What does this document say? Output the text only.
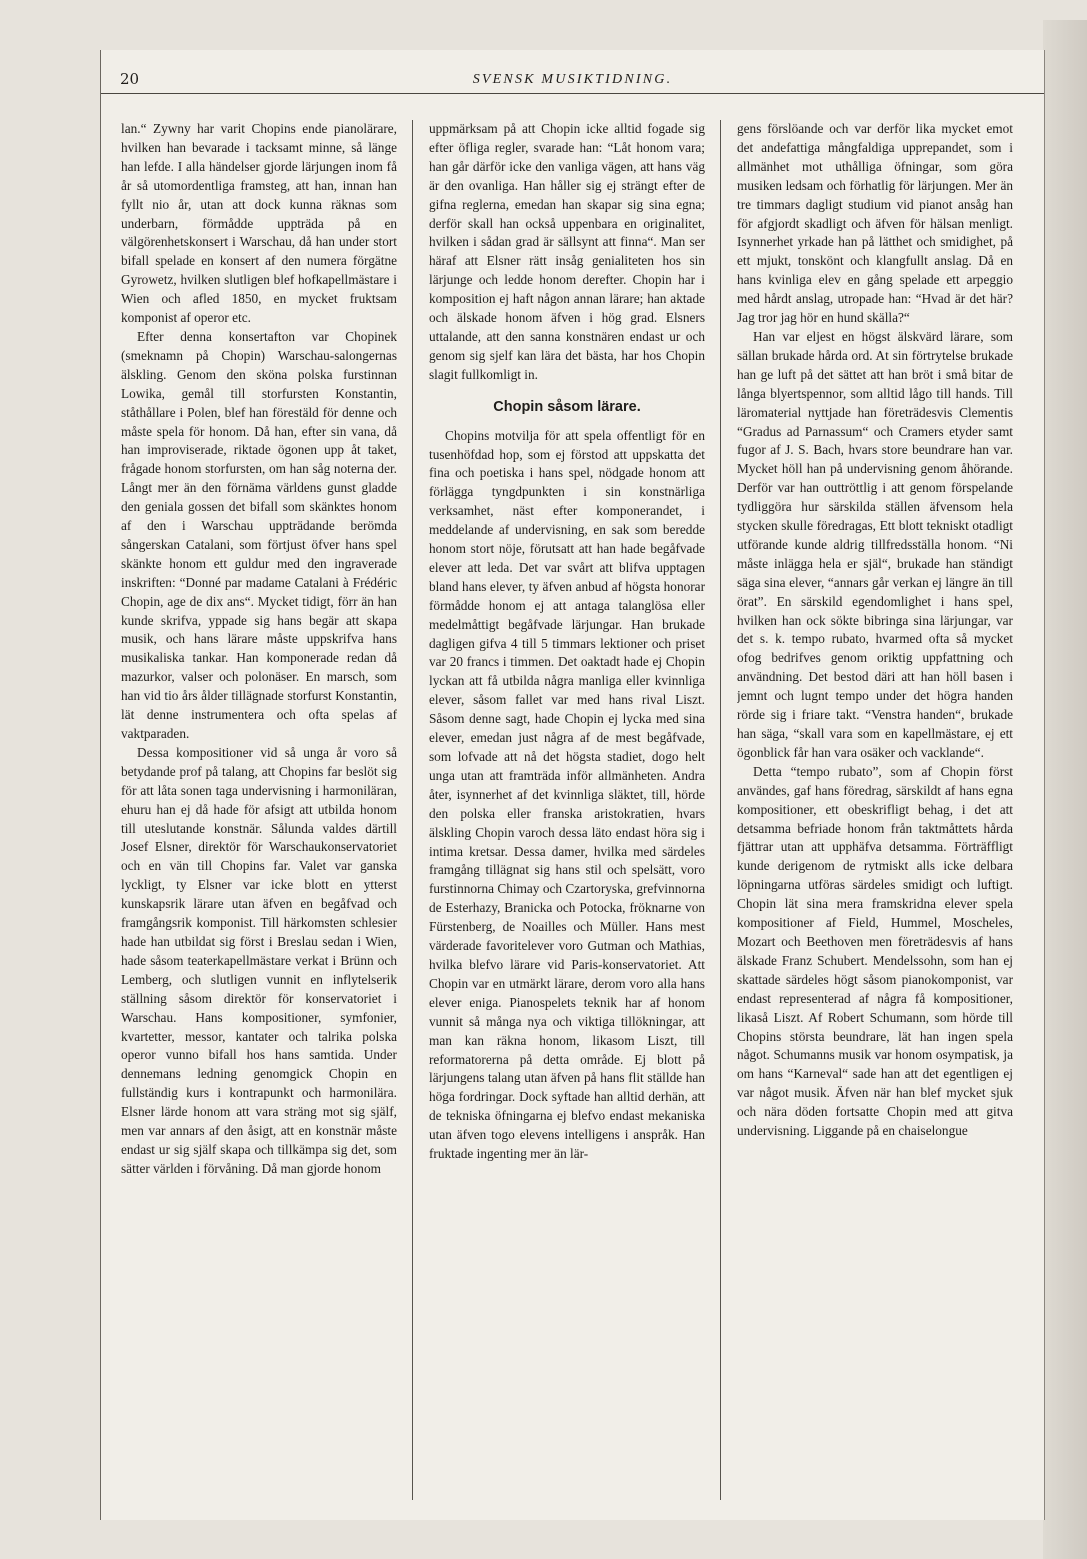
20	SVENSK MUSIKTIDNING.

lan.“ Zywny har varit Chopins ende pianolärare, hvilken han bevarade i tacksamt minne, så länge han lefde. I alla händelser gjorde lärjungen inom få år så utomordentliga framsteg, att han, innan han fyllt nio år, utan att dock kunna räknas som underbarn, förmådde uppträda på en välgörenhetskonsert i Warschau, då han under stort bifall spelade en konsert af den numera förgätne Gyrowetz, hvilken slutligen blef hofkapellmästare i Wien och afled 1850, en mycket fruktsam komponist af operor etc.

Efter denna konsertafton var Chopinek (smeknamn på Chopin) Warschau-salongernas älskling. Genom den sköna polska furstinnan Lowika, gemål till storfursten Konstantin, ståthållare i Polen, blef han förestäld för denne och måste spela för honom. Då han, efter sin vana, då han improviserade, riktade ögonen upp åt taket, frågade honom storfursten, om han såg noterna der. Långt mer än den förnäma världens gunst gladde den geniala gossen det bifall som skänktes honom af den i Warschau uppträdande berömda sångerskan Catalani, som förtjust öfver hans spel skänkte honom ett guldur med den ingraverade inskriften: “Donné par madame Catalani à Frédéric Chopin, age de dix ans“. Mycket tidigt, förr än han kunde skrifva, yppade sig hans begär att skapa musik, och hans lärare måste uppskrifva hans musikaliska tankar. Han komponerade redan då mazurkor, valser och polonäser. En marsch, som han vid tio års ålder tillägnade storfurst Konstantin, lät denne instrumentera och ofta spelas af vaktparaden.

Dessa kompositioner vid så unga år voro så betydande prof på talang, att Chopins far beslöt sig för att låta sonen taga undervisning i harmonilärаn, ehuru han ej då hade för afsigt att utbilda honom till uteslutande konstnär. Sålunda valdes därtill Josef Elsner, direktör för Warschaukonservatoriet och en vän till Chopins far. Valet var ganska lyckligt, ty Elsner var icke blott en ytterst kunskapsrik lärare utan äfven en begåfvad och framgångsrik komponist. Till härkomsten schlesier hade han utbildat sig först i Breslau sedan i Wien, hade såsom teaterkapellmästare verkat i Brünn och Lemberg, och slutligen vunnit en inflytelserik ställning såsom direktör för konservatoriet i Warschau. Hans kompositioner, symfonier, kvartetter, messor, kantater och talrika polska operor vunno bifall hos hans samtida. Under dennemans ledning genomgick Chopin en fullständig kurs i kontrapunkt och harmonilära. Elsner lärde honom att vara sträng mot sig själf, men var annars af den åsigt, att en konstnär måste endast ur sig själf skapa och tillkämpa sig det, som sätter världen i förvåning. Då man gjorde honom

uppmärksam på att Chopin icke alltid fogade sig efter öfliga regler, svarade han: “Låt honom vara; han går därför icke den vanliga vägen, att hans väg är den ovanliga. Han håller sig ej strängt efter de gifna reglerna, emedan han skapar sig sina egna; derför skall han också uppenbara en originalitet, hvilken i sådan grad är sällsynt att finna“. Man ser häraf att Elsner rätt insåg genialiteten hos sin lärjunge och ledde honom derefter. Chopin har i komposition ej haft någon annan lärare; han aktade och älskade honom äfven i hög grad. Elsners uttalande, att den sanna konstnären endast ur och genom sig sjelf kan lära det bästa, har hos Chopin slagit fullkomligt in.

Chopin såsom lärare.

Chopins motvilja för att spela offentligt för en tusenhöfdad hop, som ej förstod att uppskatta det fina och poetiska i hans spel, nödgade honom att förlägga tyngdpunkten i sin konstnärliga verksamhet, näst efter komponerandet, i meddelande af undervisning, en sak som beredde honom stort nöje, förutsatt att han hade begåfvade elever att leda. Det var svårt att blifva upptagen bland hans elever, ty äfven anbud af högsta honorar förmådde honom ej att antaga talanglösa eller medelmåttigt begåfvade lärjungar. Han brukade dagligen gifva 4 till 5 timmars lektioner och priset var 20 francs i timmen. Det oaktadt hade ej Chopin lyckan att få utbilda några manliga eller kvinnliga elever, såsom fallet var med hans rival Liszt. Såsom denne sagt, hade Chopin ej lycka med sina elever, emedan just några af de mest begåfvade, som lofvade att nå det högsta stadiet, dogo helt unga utan att framträda inför allmänheten. Andra åter, isynnerhet af det kvinnliga släktet, till, hörde den polska eller franska aristokratien, hvars älskling Chopin varoch dessa läto endast höra sig i intima kretsar. Dessa damer, hvilka med särdeles framgång tillägnat sig hans stil och spelsätt, voro furstinnorna Chimay och Czartoryska, grefvinnorna de Esterhazy, Branicka och Potocka, fröknarne von Fürstenberg, de Noailles och Müller. Hans mest värderade favoritelever voro Gutman och Mathias, hvilka blefvo lärare vid Paris-konservatoriet. Att Chopin var en utmärkt lärare, derom voro alla hans elever eniga. Pianospelets teknik har af honom vunnit så många nya och viktiga tillökningar, att man kan räkna honom, likasom Liszt, till reformatorerna på detta område. Ej blott på lärjungens talang utan äfven på hans flit ställde han höga fordringar. Dock syftade han alltid derhän, att de tekniska öfningarna ej blefvo endast mekaniska utan äfven togo elevens intelligens i anspråk. Han fruktade ingenting mer än lär-

gens förslöande och var derför lika mycket emot det andefattiga mångfaldiga upprepandet, som i allmänhet mot uthålliga öfningar, som göra musiken ledsam och förhatlig för lärjungen. Mer än tre timmars dagligt studium vid pianot ansåg han för afgjordt skadligt och äfven för hälsan menligt. Isynnerhet yrkade han på lätthet och smidighet, på ett mjukt, tonskönt och klangfullt anslag. Då en hans kvinliga elev en gång spelade ett arpeggio med hårdt anslag, utropade han: “Hvad är det här? Jag tror jag hör en hund skälla?“

Han var eljest en högst älskvärd lärare, som sällan brukade hårda ord. At sin förtrytelse brukade han ge luft på det sättet att han bröt i små bitar de långa blyertspennor, som alltid lågo till hands. Till läromaterial nyttjade han företrädesvis Clementis “Gradus ad Parnassum“ och Cramers etyder samt fugor af J. S. Bach, hvars store beundrare han var. Mycket höll han på undervisning genom åhörande. Derför var han outtröttlig i att genom förspelande tydliggöra hur särskilda ställen äfvensom hela stycken skulle föredragas, Ett blott tekniskt otadligt utförande kunde aldrig tillfredsställa honom. “Ni måste inlägga hela er själ“, brukade han ständigt säga sina elever, “annars går verkan ej längre än till örat”. En särskild egendomlighet i hans spel, hvilken han ock sökte bibringa sina lärjungar, var det s. k. tempo rubato, hvarmed ofta så mycket ofog bedrifves genom oriktig uppfattning och användning. Det bestod däri att han höll basen i jemnt och lugnt tempo under det högra handen rörde sig i friare takt. “Venstra handen“, brukade han säga, “skall vara som en kapellmästare, ej ett ögonblick får han vara osäker och vacklande“.

Detta “tempo rubato”, som af Chopin först användes, gaf hans föredrag, särskildt af hans egna kompositioner, ett obeskrifligt behag, i det att detsamma befriade honom från taktmåttets hårda fjättrar utan att upphäfva detsamma. Förträffligt kunde derigenom de rytmiskt alls icke delbara löpningarna utföras särdeles smidigt och luftigt. Chopin lät sina mera framskridna elever spela kompositioner af Field, Hummel, Moscheles, Mozart och Beethoven men företrädesvis af hans älskade Franz Schubert. Mendelssohn, som han ej skattade särdeles högt såsom pianokomponist, var endast representerad af några få kompositioner, likaså Liszt. Af Robert Schumann, som hörde till Chopins största beundrare, lät han ingen spela något. Schumanns musik var honom osympatisk, ja om hans “Karneval“ sade han att det egentligen ej var något musik. Äfven när han blef mycket sjuk och nära döden fortsatte Chopin med att gitva undervisning. Liggande på en chaiselongue
